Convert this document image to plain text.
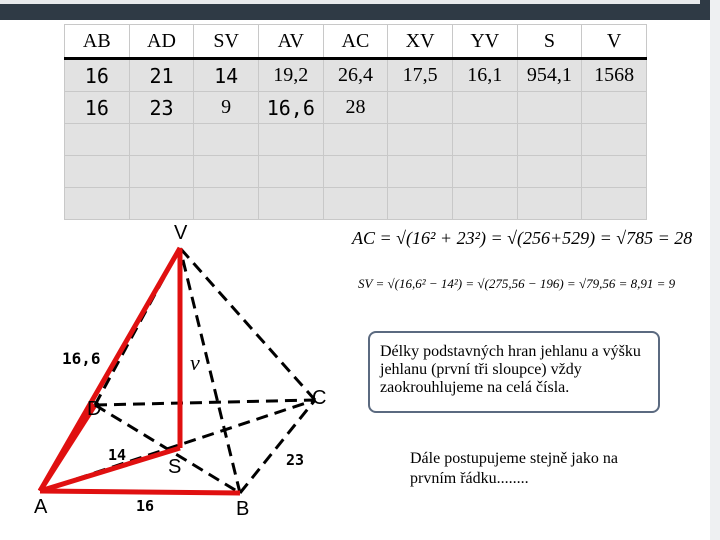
AB	AD	SV	AV	AC	XV	YV	S	V
16	21	14	19,2	26,4	17,5	16,1	954,1	1568
16	23	9	16,6	28				

V
v
D	C
S
A	B
16,6
14	23
16
AC = √(16² + 23²) = √(256+529) = √785 = 28
SV = √(16,6² − 14²) = √(275,56 − 196) = √79,56 = 8,91 = 9
Délky podstavných hran jehlanu a výšku jehlanu (první tři sloupce) vždy zaokrouhlujeme na celá čísla.
Dále postupujeme stejně jako na prvním řádku........
